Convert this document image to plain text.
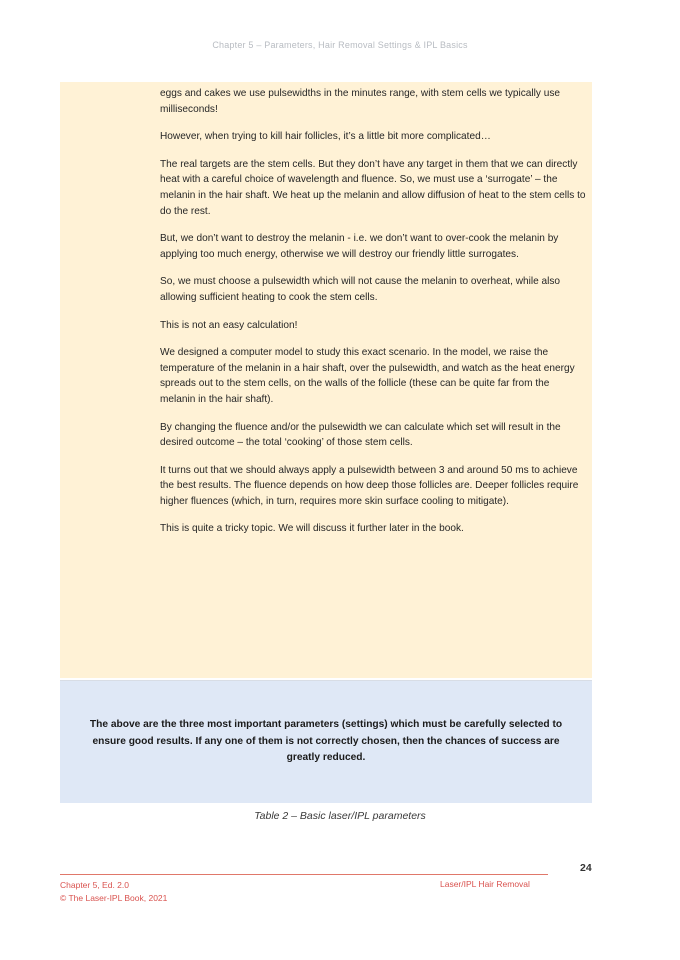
Chapter 5 – Parameters, Hair Removal Settings & IPL Basics

eggs and cakes we use pulsewidths in the minutes range, with stem cells we typically use milliseconds!

However, when trying to kill hair follicles, it’s a little bit more complicated…

The real targets are the stem cells. But they don’t have any target in them that we can directly heat with a careful choice of wavelength and fluence. So, we must use a ‘surrogate’ – the melanin in the hair shaft. We heat up the melanin and allow diffusion of heat to the stem cells to do the rest.

But, we don’t want to destroy the melanin - i.e. we don’t want to over-cook the melanin by applying too much energy, otherwise we will destroy our friendly little surrogates.

So, we must choose a pulsewidth which will not cause the melanin to overheat, while also allowing sufficient heating to cook the stem cells.

This is not an easy calculation!

We designed a computer model to study this exact scenario. In the model, we raise the temperature of the melanin in a hair shaft, over the pulsewidth, and watch as the heat energy spreads out to the stem cells, on the walls of the follicle (these can be quite far from the melanin in the hair shaft).

By changing the fluence and/or the pulsewidth we can calculate which set will result in the desired outcome – the total ‘cooking’ of those stem cells.

It turns out that we should always apply a pulsewidth between 3 and around 50 ms to achieve the best results. The fluence depends on how deep those follicles are. Deeper follicles require higher fluences (which, in turn, requires more skin surface cooling to mitigate).

This is quite a tricky topic. We will discuss it further later in the book.

The above are the three most important parameters (settings) which must be carefully selected to ensure good results. If any one of them is not correctly chosen, then the chances of success are greatly reduced.
Table 2 – Basic laser/IPL parameters
24
Chapter 5, Ed. 2.0
© The Laser-IPL Book, 2021
Laser/IPL Hair Removal
